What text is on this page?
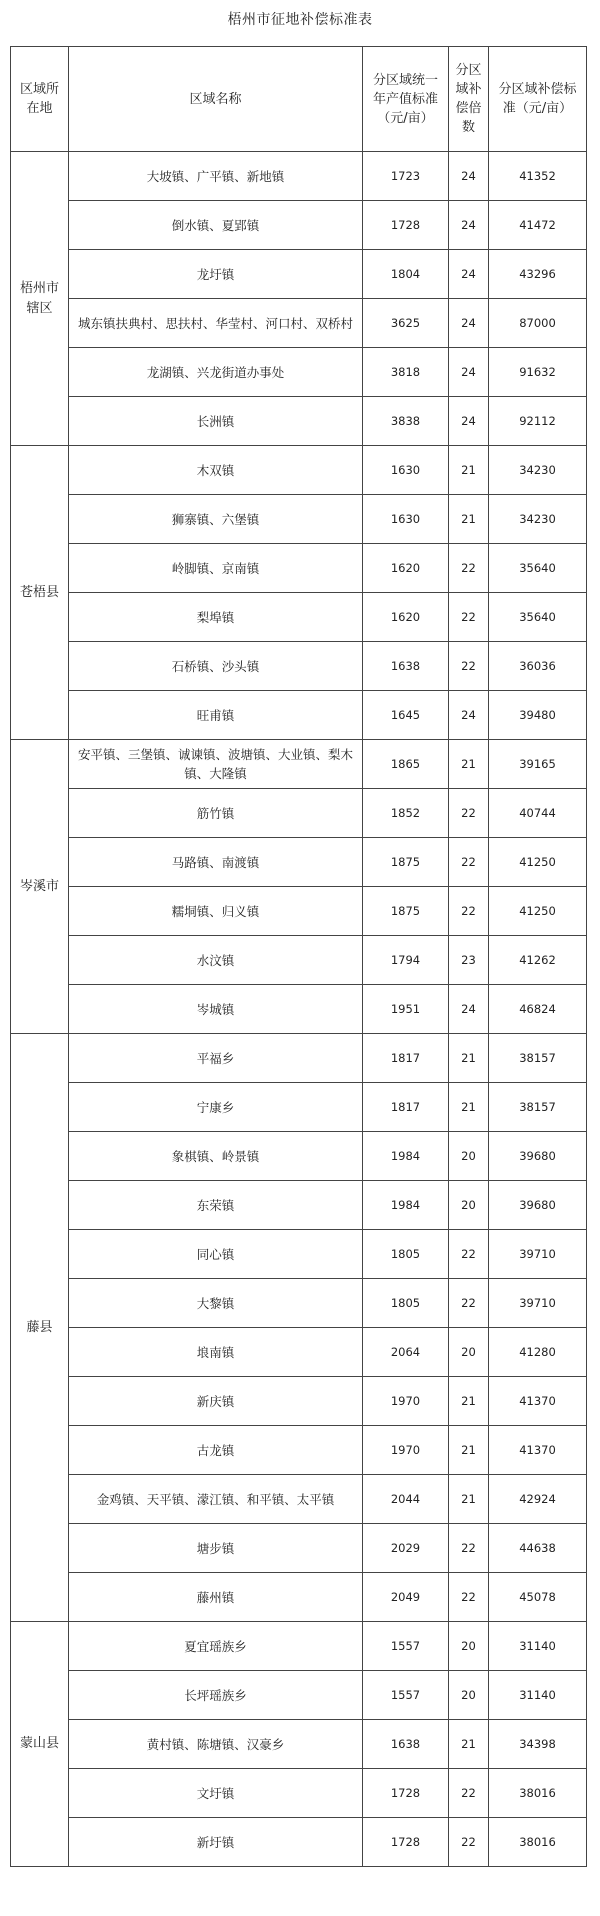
梧州市征地补偿标准表
区域所在地	区域名称	分区域统一年产值标准（元/亩）	分区域补偿倍数	分区域补偿标准（元/亩）
梧州市辖区	大坡镇、广平镇、新地镇	1723	24	41352
	倒水镇、夏郢镇	1728	24	41472
	龙圩镇	1804	24	43296
	城东镇扶典村、思扶村、华莹村、河口村、双桥村	3625	24	87000
	龙湖镇、兴龙街道办事处	3818	24	91632
	长洲镇	3838	24	92112
苍梧县	木双镇	1630	21	34230
	狮寨镇、六堡镇	1630	21	34230
	岭脚镇、京南镇	1620	22	35640
	梨埠镇	1620	22	35640
	石桥镇、沙头镇	1638	22	36036
	旺甫镇	1645	24	39480
岑溪市	安平镇、三堡镇、诚谏镇、波塘镇、大业镇、梨木镇、大隆镇	1865	21	39165
	筋竹镇	1852	22	40744
	马路镇、南渡镇	1875	22	41250
	糯垌镇、归义镇	1875	22	41250
	水汶镇	1794	23	41262
	岑城镇	1951	24	46824
藤县	平福乡	1817	21	38157
	宁康乡	1817	21	38157
	象棋镇、岭景镇	1984	20	39680
	东荣镇	1984	20	39680
	同心镇	1805	22	39710
	大黎镇	1805	22	39710
	埌南镇	2064	20	41280
	新庆镇	1970	21	41370
	古龙镇	1970	21	41370
	金鸡镇、天平镇、濛江镇、和平镇、太平镇	2044	21	42924
	塘步镇	2029	22	44638
	藤州镇	2049	22	45078
蒙山县	夏宜瑶族乡	1557	20	31140
	长坪瑶族乡	1557	20	31140
	黄村镇、陈塘镇、汉豪乡	1638	21	34398
	文圩镇	1728	22	38016
	新圩镇	1728	22	38016
